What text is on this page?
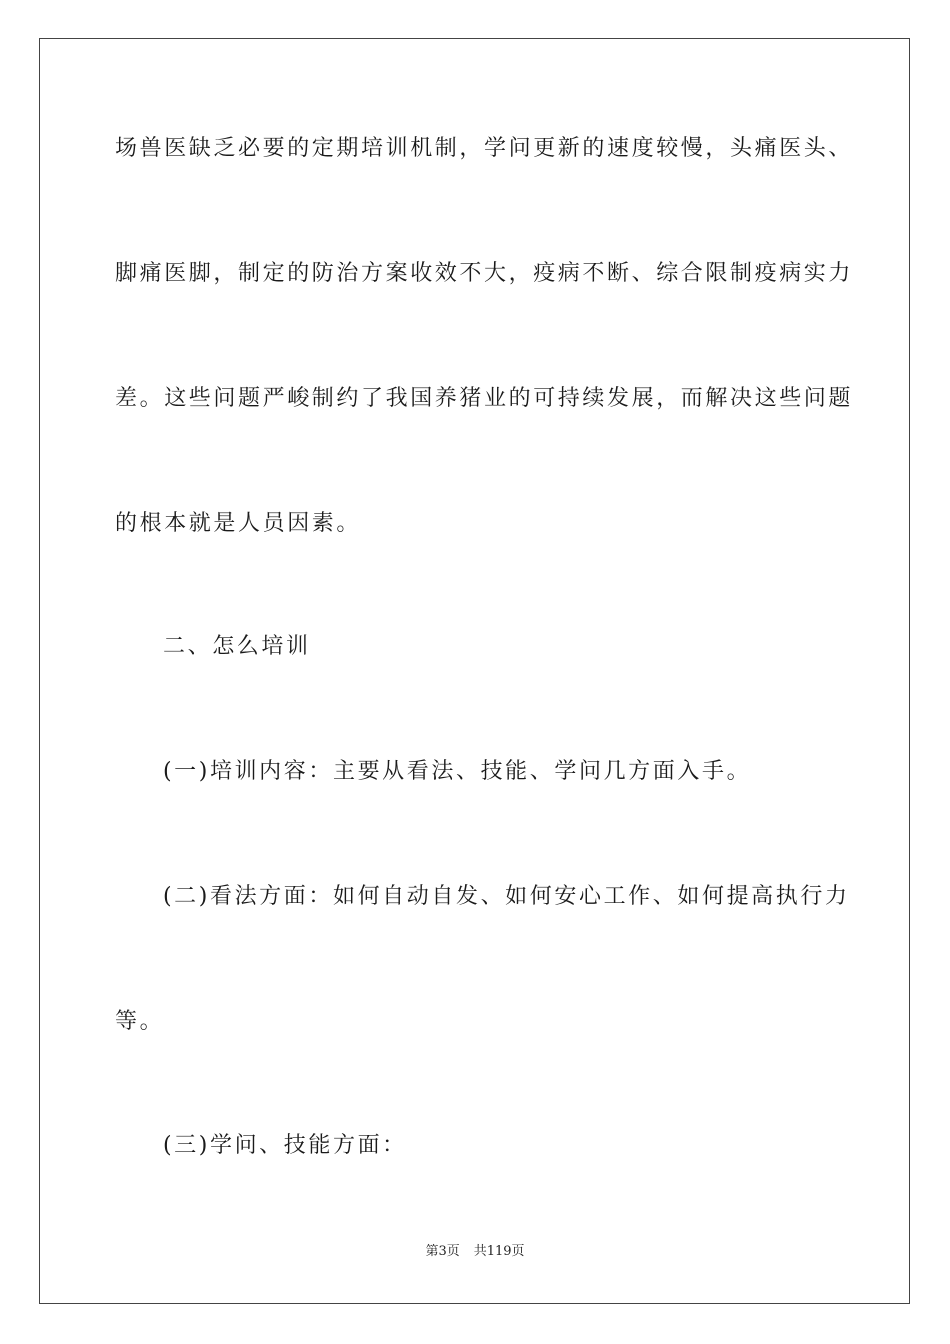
场兽医缺乏必要的定期培训机制，学问更新的速度较慢，头痛医头、
脚痛医脚，制定的防治方案收效不大，疫病不断、综合限制疫病实力
差。这些问题严峻制约了我国养猪业的可持续发展，而解决这些问题
的根本就是人员因素。
二、怎么培训
(一)培训内容：主要从看法、技能、学问几方面入手。
(二)看法方面：如何自动自发、如何安心工作、如何提高执行力
等。
(三)学问、技能方面：
第3页 共119页
